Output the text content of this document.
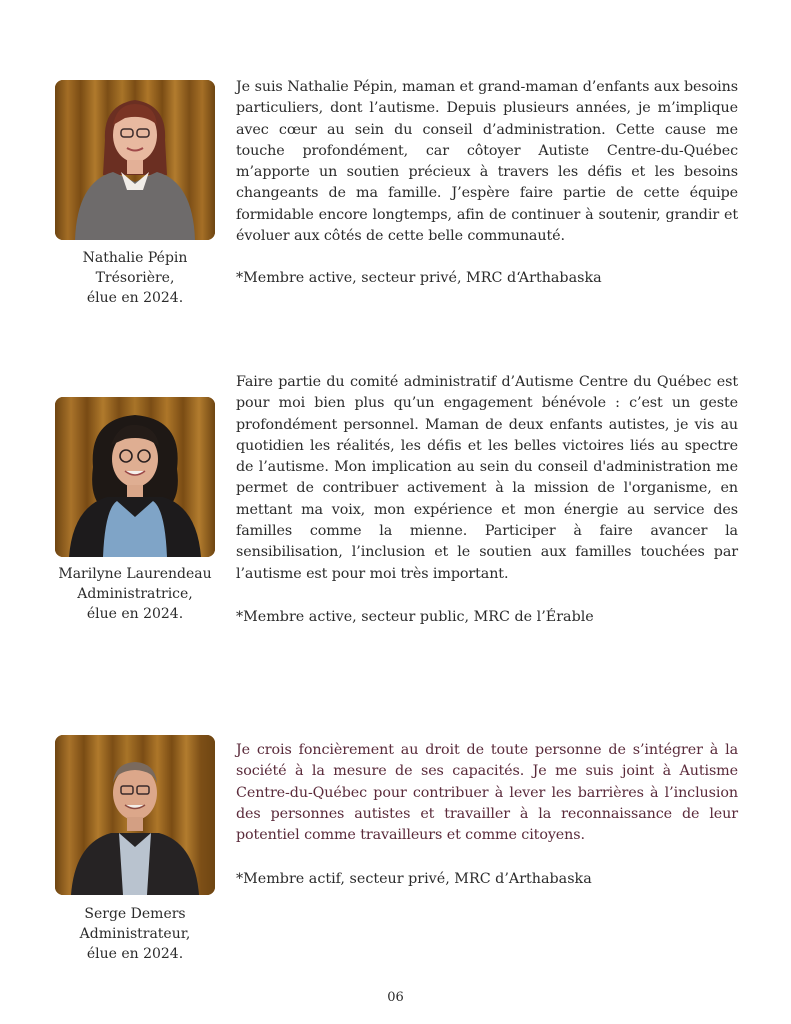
Nathalie Pépin
Trésorière,
élue en 2024.

Je suis Nathalie Pépin, maman et grand-maman d’enfants aux besoins particuliers, dont l’autisme. Depuis plusieurs années, je m’implique avec cœur au sein du conseil d’administration. Cette cause me touche profondément, car côtoyer Autiste Centre-du-Québec m’apporte un soutien précieux à travers les défis et les besoins changeants de ma famille. J’espère faire partie de cette équipe formidable encore longtemps, afin de continuer à soutenir, grandir et évoluer aux côtés de cette belle communauté.

*Membre active, secteur privé, MRC d‘Arthabaska

Marilyne Laurendeau
Administratrice,
élue en 2024.

Faire partie du comité administratif d’Autisme Centre du Québec est pour moi bien plus qu’un engagement bénévole : c’est un geste profondément personnel. Maman de deux enfants autistes, je vis au quotidien les réalités, les défis et les belles victoires liés au spectre de l’autisme. Mon implication au sein du conseil d'administration me permet de contribuer activement à la mission de l'organisme, en mettant ma voix, mon expérience et mon énergie au service des familles comme la mienne. Participer à faire avancer la sensibilisation, l’inclusion et le soutien aux familles touchées par l’autisme est pour moi très important.

*Membre active, secteur public, MRC de l’Érable

Serge Demers
Administrateur,
élue en 2024.

Je crois foncièrement au droit de toute personne de s’intégrer à la société à la mesure de ses capacités. Je me suis joint à Autisme Centre-du-Québec pour contribuer à lever les barrières à l’inclusion des personnes autistes et travailler à la reconnaissance de leur potentiel comme travailleurs et comme citoyens.

*Membre actif, secteur privé, MRC d’Arthabaska

06
